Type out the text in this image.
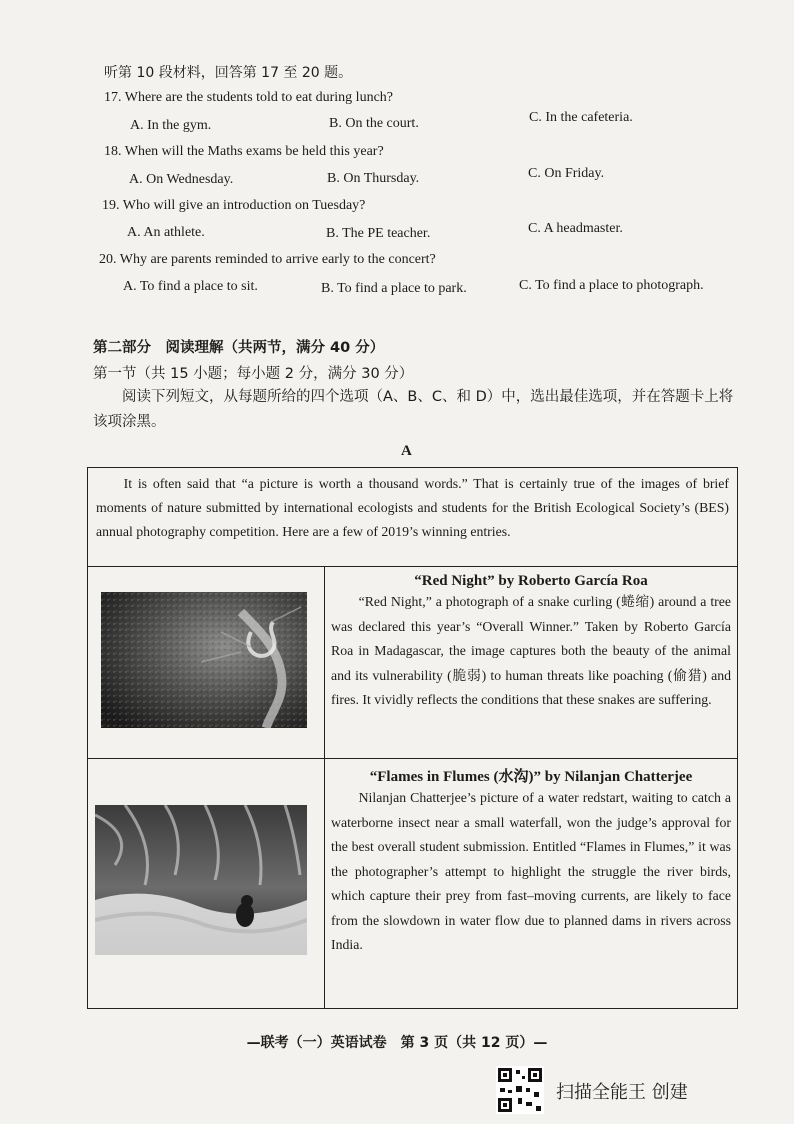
听第 10 段材料，回答第 17 至 20 题。
17. Where are the students told to eat during lunch?
A. In the gym.	B. On the court.	C. In the cafeteria.
18. When will the Maths exams be held this year?
A. On Wednesday.	B. On Thursday.	C. On Friday.
19. Who will give an introduction on Tuesday?
A. An athlete.	B. The PE teacher.	C. A headmaster.
20. Why are parents reminded to arrive early to the concert?
A. To find a place to sit.	B. To find a place to park.	C. To find a place to photograph.
第二部分　阅读理解（共两节，满分 40 分）
第一节（共 15 小题；每小题 2 分，满分 30 分）
阅读下列短文，从每题所给的四个选项（A、B、C、和 D）中，选出最佳选项，并在答题卡上将该项涂黑。
A
It is often said that “a picture is worth a thousand words.” That is certainly true of the images of brief moments of nature submitted by international ecologists and students for the British Ecological Society’s (BES) annual photography competition. Here are a few of 2019’s winning entries.	

“Red Night” by Roberto García Roa
“Red Night,” a photograph of a snake curling (蜷缩) around a tree was declared this year’s “Overall Winner.” Taken by Roberto García Roa in Madagascar, the image captures both the beauty of the animal and its vulnerability (脆弱) to human threats like poaching (偷猎) and fires. It vividly reflects the conditions that these snakes are suffering.

“Flames in Flumes (水沟)” by Nilanjan Chatterjee
Nilanjan Chatterjee’s picture of a water redstart, waiting to catch a waterborne insect near a small waterfall, won the judge’s approval for the best overall student submission. Entitled “Flames in Flumes,” it was the photographer’s attempt to highlight the struggle the river birds, which capture their prey from fast–moving currents, are likely to face from the slowdown in water flow due to planned dams in rivers across India.
—联考（一）英语试卷　第 3 页（共 12 页）—
扫描全能王 创建
